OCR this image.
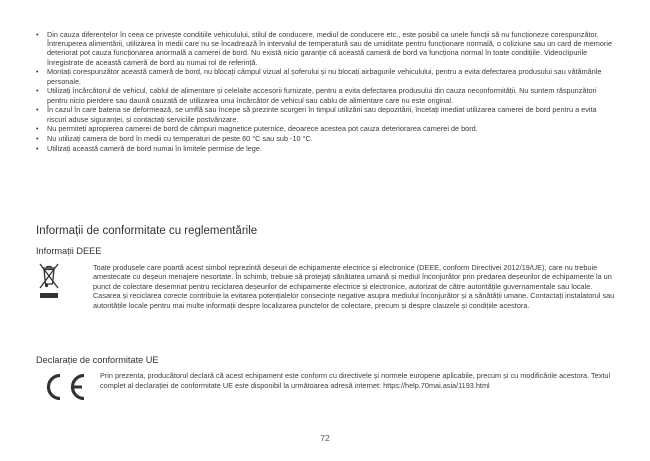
• Din cauza diferențelor în ceea ce privește condițiile vehiculului, stilul de conducere, mediul de conducere etc., este posibil ca unele funcții să nu funcționeze corespunzător. Întreruperea alimentării, utilizarea în medii care nu se încadrează în intervalul de temperatură sau de umiditate pentru funcționare normală, o coliziune sau un card de memorie deteriorat pot cauza funcționarea anormală a camerei de bord. Nu există nicio garanție că această cameră de bord va funcționa normal în toate condițiile. Videoclipurile înregistrate de această cameră de bord au numai rol de referință.
• Montați corespunzător această cameră de bord, nu blocați câmpul vizual al șoferului și nu blocați airbagurile vehiculului, pentru a evita defectarea produsului sau vătămările personale.
• Utilizați încărcătorul de vehicul, cablul de alimentare și celelalte accesorii furnizate, pentru a evita defectarea produsului din cauza neconformității. Nu suntem răspunzători pentru nicio pierdere sau daună cauzată de utilizarea unui încărcător de vehicul sau cablu de alimentare care nu este original.
• În cazul în care bateria se deformează, se umflă sau începe să prezinte scurgeri în timpul utilizării sau depozitării, încetați imediat utilizarea camerei de bord pentru a evita riscuri aduse siguranței, și contactați serviciile postvânzare.
• Nu permiteți apropierea camerei de bord de câmpuri magnetice puternice, deoarece acestea pot cauza deteriorarea camerei de bord.
• Nu utilizați camera de bord în medii cu temperaturi de peste 60 °C sau sub -10 °C.
• Utilizați această cameră de bord numai în limitele permise de lege.
Informații de conformitate cu reglementările
Informații DEEE

Toate produsele care poartă acest simbol reprezintă deșeuri de echipamente electrice și electronice (DEEE, conform Directivei 2012/19/UE), care nu trebuie amestecate cu deșeuri menajere nesortate. În schimb, trebuie să protejați sănătatea umană și mediul înconjurător prin predarea deșeurilor de echipamente la un punct de colectare desemnat pentru reciclarea deșeurilor de echipamente electrice și electronice, autorizat de către autoritățile guvernamentale sau locale. Casarea și reciclarea corecte contribuie la evitarea potențialelor consecințe negative asupra mediului înconjurător și a sănătății umane. Contactați instalatorul sau autoritățile locale pentru mai multe informații despre localizarea punctelor de colectare, precum și despre clauzele și condițiile acestora.

Declarație de conformitate UE

Prin prezenta, producătorul declară că acest echipament este conform cu directivele și normele europene aplicabile, precum și cu modificările acestora. Textul complet al declarației de conformitate UE este disponibil la următoarea adresă internet: https://help.70mai.asia/1193.html

72
